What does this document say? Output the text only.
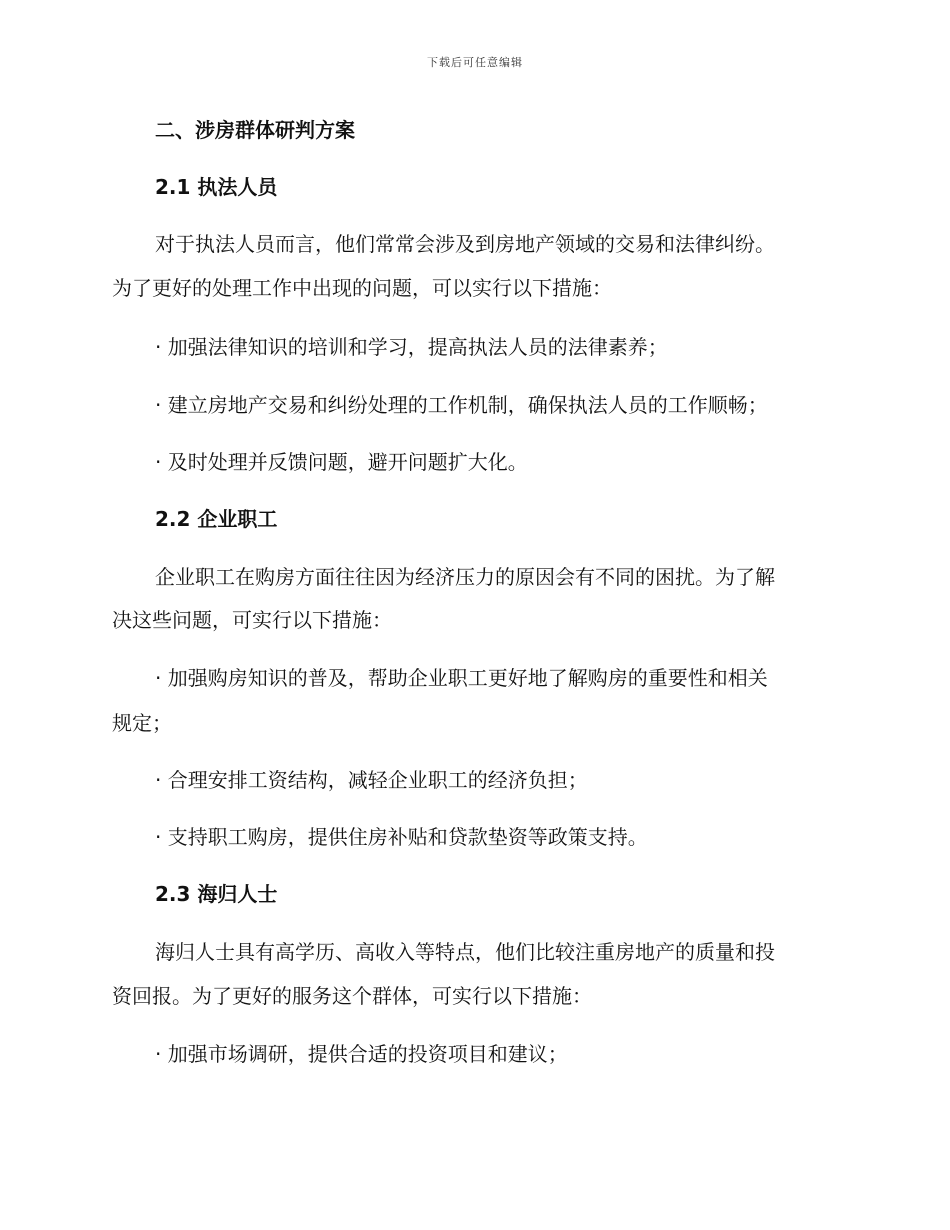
下载后可任意编辑
二、涉房群体研判方案
2.1 执法人员
对于执法人员而言，他们常常会涉及到房地产领域的交易和法律纠纷。
为了更好的处理工作中出现的问题，可以实行以下措施：
· 加强法律知识的培训和学习，提高执法人员的法律素养；
· 建立房地产交易和纠纷处理的工作机制，确保执法人员的工作顺畅；
· 及时处理并反馈问题，避开问题扩大化。
2.2 企业职工
企业职工在购房方面往往因为经济压力的原因会有不同的困扰。为了解
决这些问题，可实行以下措施：
· 加强购房知识的普及，帮助企业职工更好地了解购房的重要性和相关
规定；
· 合理安排工资结构，减轻企业职工的经济负担；
· 支持职工购房，提供住房补贴和贷款垫资等政策支持。
2.3 海归人士
海归人士具有高学历、高收入等特点，他们比较注重房地产的质量和投
资回报。为了更好的服务这个群体，可实行以下措施：
· 加强市场调研，提供合适的投资项目和建议；
